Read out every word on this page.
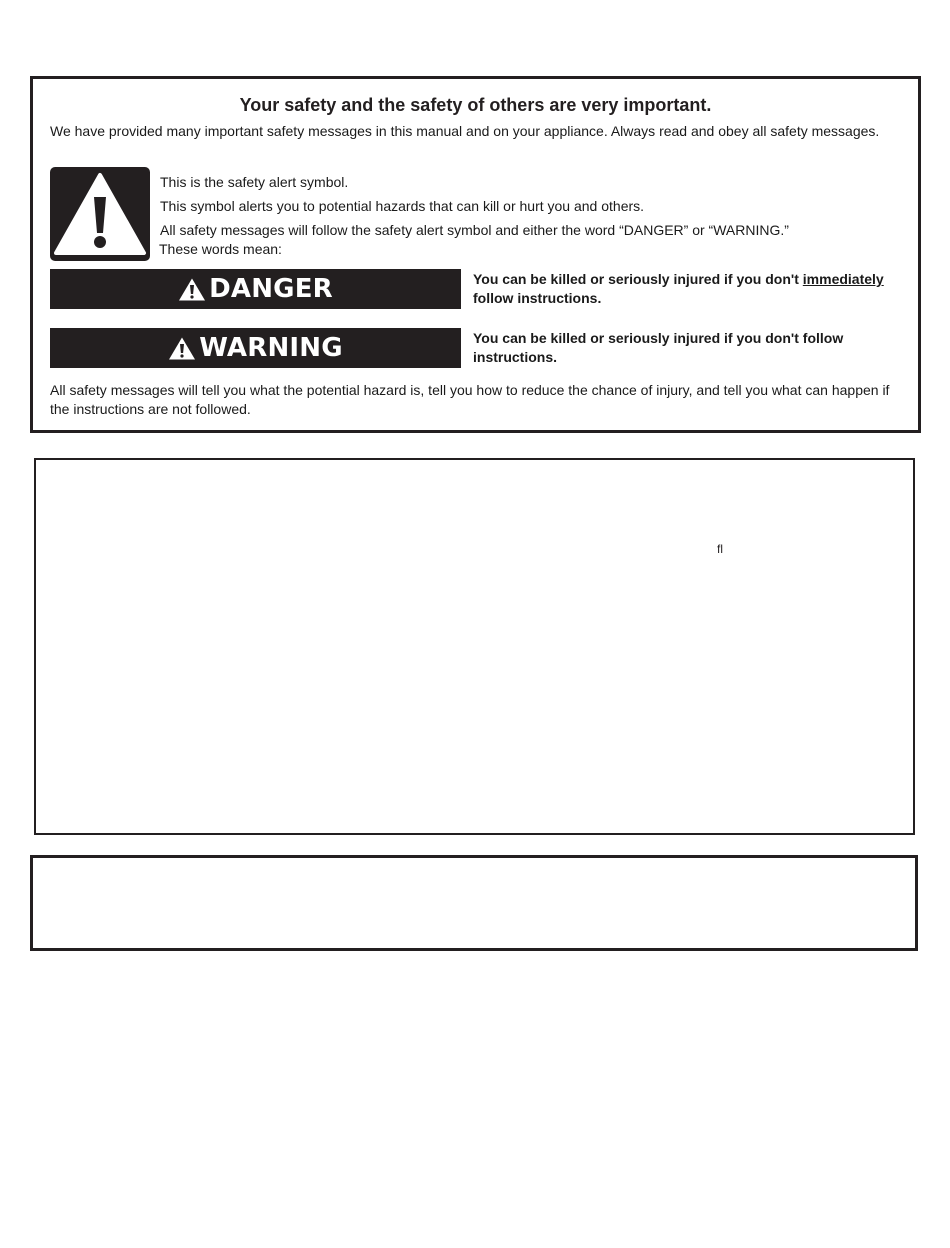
Your safety and the safety of others are very important.
We have provided many important safety messages in this manual and on your appliance. Always read and obey all safety messages.
This is the safety alert symbol.
This symbol alerts you to potential hazards that can kill or hurt you and others.
All safety messages will follow the safety alert symbol and either the word “DANGER” or “WARNING.”
These words mean:
DANGER	You can be killed or seriously injured if you don't immediately follow instructions.
WARNING	You can be killed or seriously injured if you don't follow instructions.
All safety messages will tell you what the potential hazard is, tell you how to reduce the chance of injury, and tell you what can happen if the instructions are not followed.
ﬂ
